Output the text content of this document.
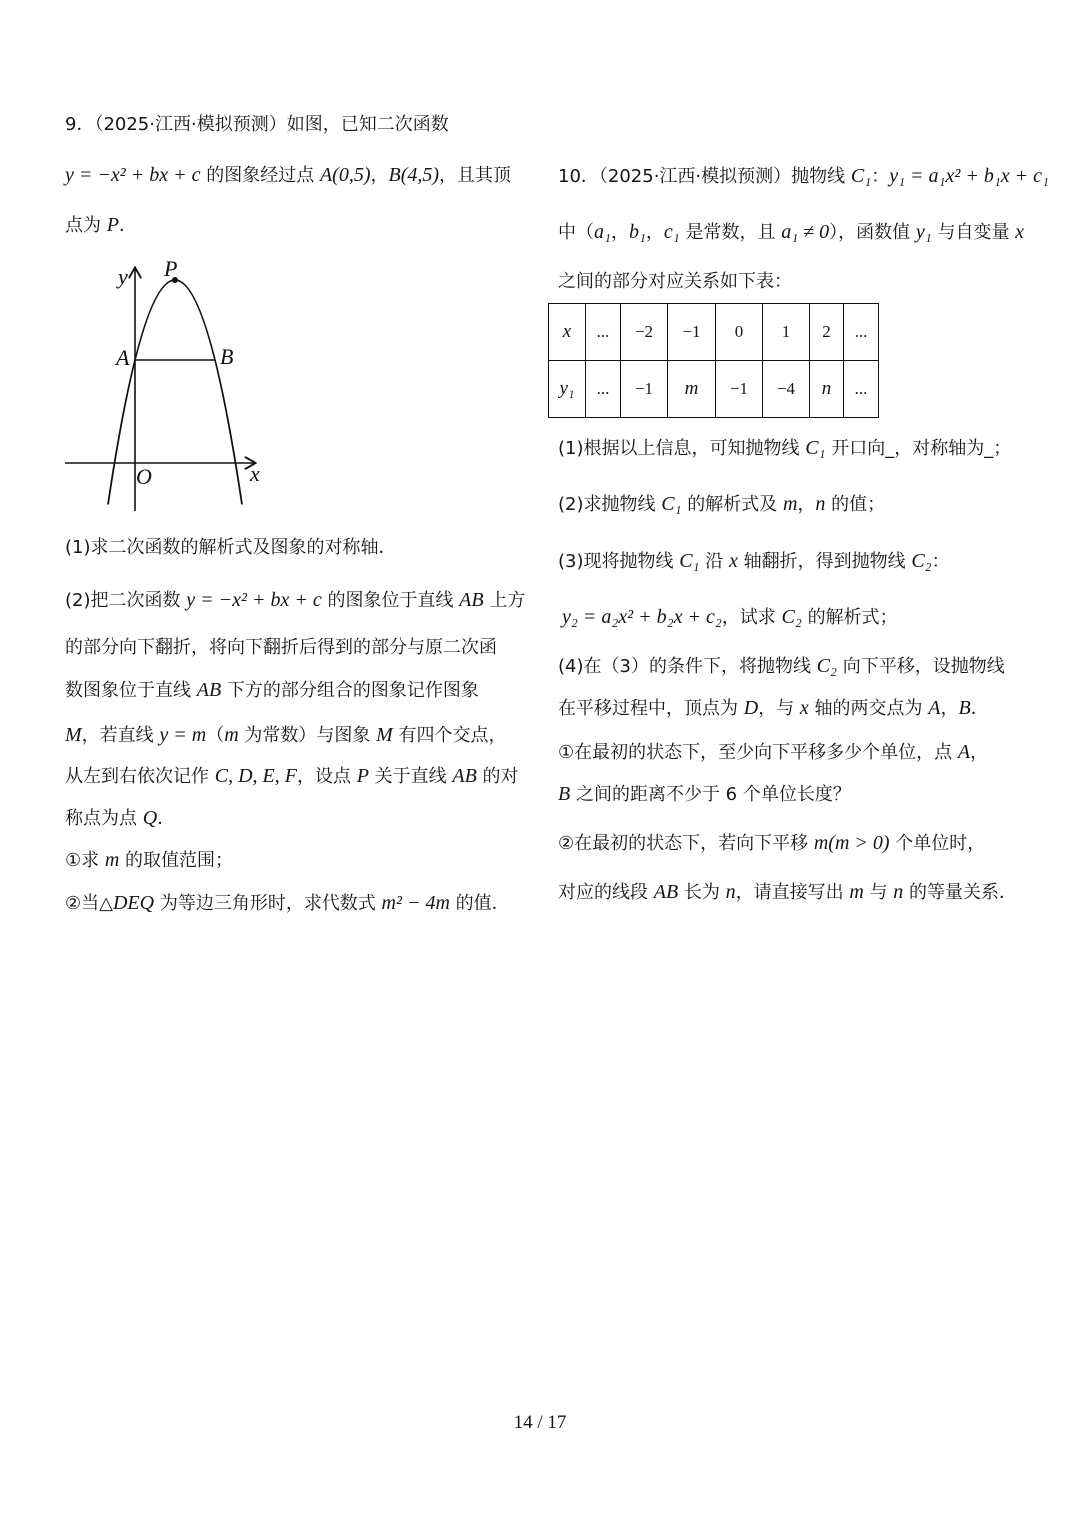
9．（2025·江西·模拟预测）如图，已知二次函数
y = −x² + bx + c 的图象经过点 A(0,5)，B(4,5)，且其顶
点为 P．
y P
A	B
O	x
(1)求二次函数的解析式及图象的对称轴．
(2)把二次函数 y = −x² + bx + c 的图象位于直线 AB 上方
的部分向下翻折，将向下翻折后得到的部分与原二次函
数图象位于直线 AB 下方的部分组合的图象记作图象
M，若直线 y = m（m 为常数）与图象 M 有四个交点，
从左到右依次记作 C, D, E, F，设点 P 关于直线 AB 的对
称点为点 Q．
①求 m 的取值范围；
②当△DEQ 为等边三角形时，求代数式 m² − 4m 的值．
10．（2025·江西·模拟预测）抛物线 C₁：y₁ = a₁x² + b₁x + c₁
中（a₁，b₁，c₁ 是常数，且 a₁ ≠ 0），函数值 y₁ 与自变量 x
之间的部分对应关系如下表：
x	...	−2	−1	0	1	2	...
y₁	...	−1	m	−1	−4	n	...
(1)根据以上信息，可知抛物线 C₁ 开口向_，对称轴为_；
(2)求抛物线 C₁ 的解析式及 m，n 的值；
(3)现将抛物线 C₁ 沿 x 轴翻折，得到抛物线 C₂：
y₂ = a₂x² + b₂x + c₂，试求 C₂ 的解析式；
(4)在（3）的条件下，将抛物线 C₂ 向下平移，设抛物线
在平移过程中，顶点为 D，与 x 轴的两交点为 A，B．
①在最初的状态下，至少向下平移多少个单位，点 A，
B 之间的距离不少于 6 个单位长度？
②在最初的状态下，若向下平移 m(m > 0) 个单位时，
对应的线段 AB 长为 n，请直接写出 m 与 n 的等量关系．
14 / 17
